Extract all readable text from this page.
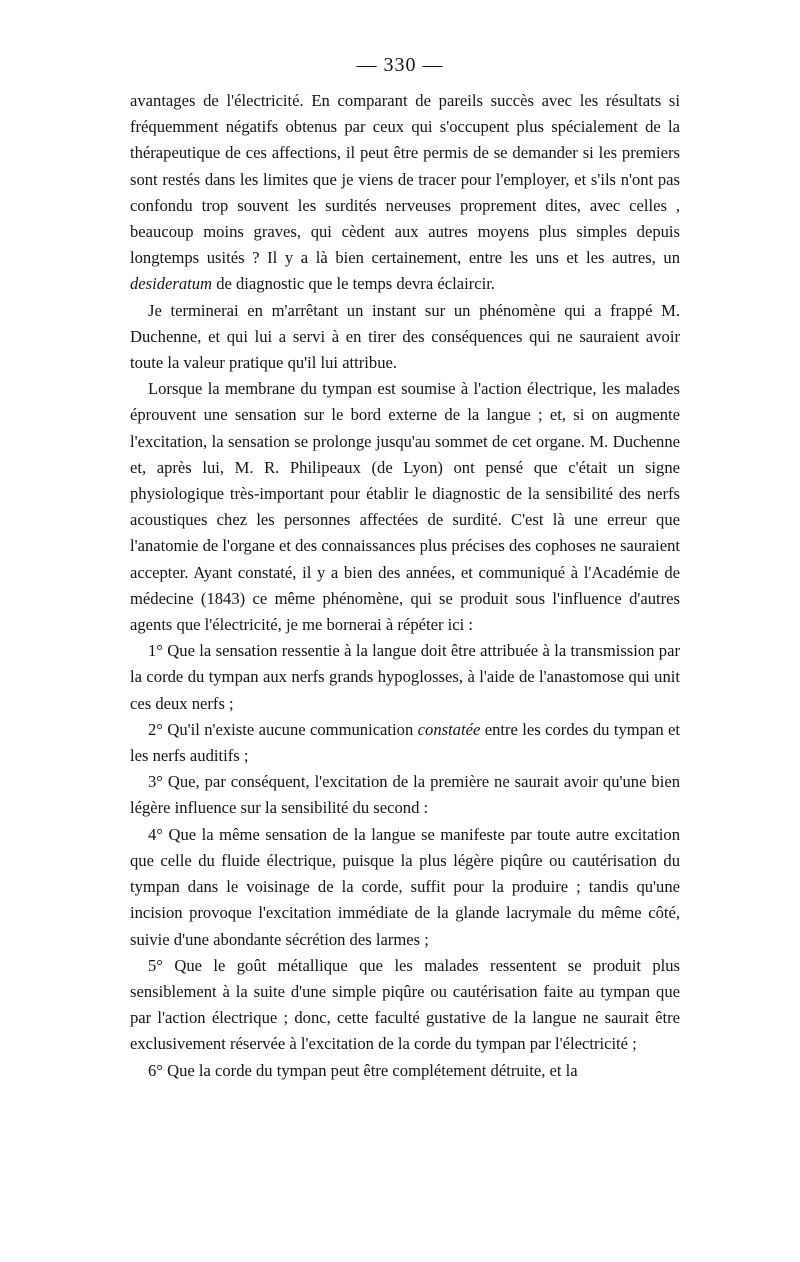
— 330 —

avantages de l'électricité. En comparant de pareils succès avec les résultats si fréquemment négatifs obtenus par ceux qui s'occupent plus spécialement de la thérapeutique de ces affections, il peut être permis de se demander si les premiers sont restés dans les limites que je viens de tracer pour l'employer, et s'ils n'ont pas confondu trop souvent les surdités nerveuses proprement dites, avec celles , beaucoup moins graves, qui cèdent aux autres moyens plus simples depuis longtemps usités ? Il y a là bien certainement, entre les uns et les autres, un desideratum de diagnostic que le temps devra éclaircir.

Je terminerai en m'arrêtant un instant sur un phénomène qui a frappé M. Duchenne, et qui lui a servi à en tirer des conséquences qui ne sauraient avoir toute la valeur pratique qu'il lui attribue.

Lorsque la membrane du tympan est soumise à l'action électrique, les malades éprouvent une sensation sur le bord externe de la langue ; et, si on augmente l'excitation, la sensation se prolonge jusqu'au sommet de cet organe. M. Duchenne et, après lui, M. R. Philipeaux (de Lyon) ont pensé que c'était un signe physiologique très-important pour établir le diagnostic de la sensibilité des nerfs acoustiques chez les personnes affectées de surdité. C'est là une erreur que l'anatomie de l'organe et des connaissances plus précises des cophoses ne sauraient accepter. Ayant constaté, il y a bien des années, et communiqué à l'Académie de médecine (1843) ce même phénomène, qui se produit sous l'influence d'autres agents que l'électricité, je me bornerai à répéter ici :

1° Que la sensation ressentie à la langue doit être attribuée à la transmission par la corde du tympan aux nerfs grands hypoglosses, à l'aide de l'anastomose qui unit ces deux nerfs ;

2° Qu'il n'existe aucune communication constatée entre les cordes du tympan et les nerfs auditifs ;

3° Que, par conséquent, l'excitation de la première ne saurait avoir qu'une bien légère influence sur la sensibilité du second :

4° Que la même sensation de la langue se manifeste par toute autre excitation que celle du fluide électrique, puisque la plus légère piqûre ou cautérisation du tympan dans le voisinage de la corde, suffit pour la produire ; tandis qu'une incision provoque l'excitation immédiate de la glande lacrymale du même côté, suivie d'une abondante sécrétion des larmes ;

5° Que le goût métallique que les malades ressentent se produit plus sensiblement à la suite d'une simple piqûre ou cautérisation faite au tympan que par l'action électrique ; donc, cette faculté gustative de la langue ne saurait être exclusivement réservée à l'excitation de la corde du tympan par l'électricité ;

6° Que la corde du tympan peut être complétement détruite, et la
